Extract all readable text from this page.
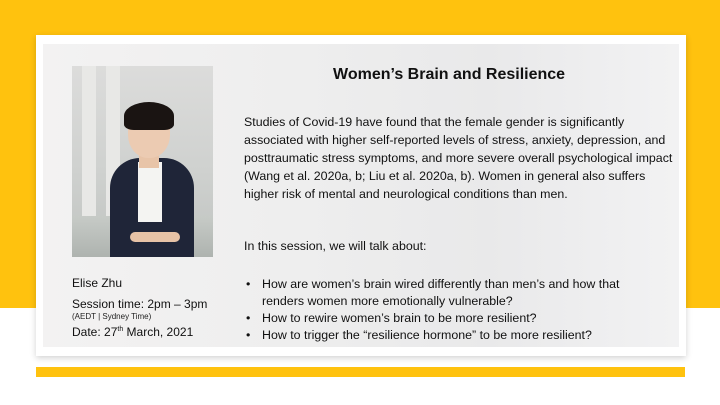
Elise Zhu
Session time: 2pm – 3pm
(AEDT | Sydney Time)
Date: 27th March, 2021
Women’s Brain and Resilience
Studies of Covid-19 have found that the female gender is significantly associated with higher self-reported levels of stress, anxiety, depression, and posttraumatic stress symptoms, and more severe overall psychological impact (Wang et al. 2020a, b; Liu et al. 2020a, b). Women in general also suffers higher risk of mental and neurological conditions than men.
In this session, we will talk about:
• How are women’s brain wired differently than men’s and how that renders women more emotionally vulnerable?
• How to rewire women’s brain to be more resilient?
• How to trigger the “resilience hormone” to be more resilient?
